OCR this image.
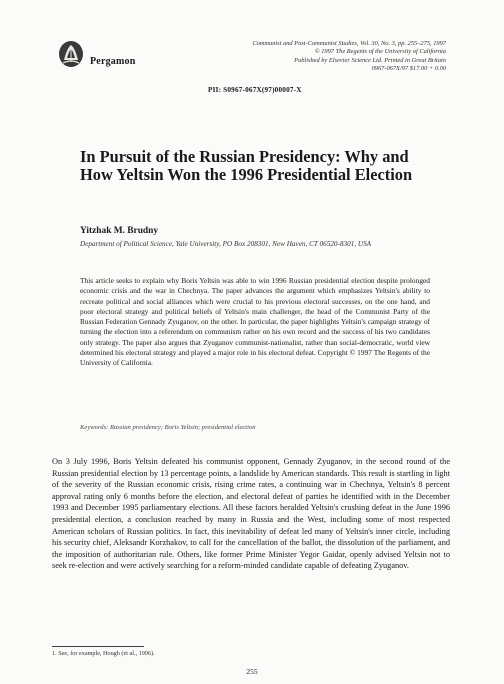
Pergamon
Communist and Post-Communist Studies, Vol. 30, No. 3, pp. 255–275, 1997
© 1997 The Regents of the University of California
Published by Elsevier Science Ltd. Printed in Great Britain
0967-067X/97 $17.00 + 0.00
PII: S0967-067X(97)00007-X
In Pursuit of the Russian Presidency: Why and How Yeltsin Won the 1996 Presidential Election
Yitzhak M. Brudny
Department of Political Science, Yale University, PO Box 208301, New Haven, CT 06520-8301, USA

This article seeks to explain why Boris Yeltsin was able to win 1996 Russian presidential election despite prolonged economic crisis and the war in Chechnya. The paper advances the argument which emphasizes Yeltsin's ability to recreate political and social alliances which were crucial to his previous electoral successes, on the one hand, and poor electoral strategy and political beliefs of Yeltsin's main challenger, the head of the Communist Party of the Russian Federation Gennady Zyuganov, on the other. In particular, the paper highlights Yeltsin's campaign strategy of turning the election into a referendum on communism rather on his own record and the success of his two candidates only strategy. The paper also argues that Zyuganov communist-nationalist, rather than social-democratic, world view determined his electoral strategy and played a major role in his electoral defeat. Copyright © 1997 The Regents of the University of California.

Keywords: Russian presidency; Boris Yeltsin; presidential election

On 3 July 1996, Boris Yeltsin defeated his communist opponent, Gennady Zyuganov, in the second round of the Russian presidential election by 13 percentage points, a landslide by American standards. This result is startling in light of the severity of the Russian economic crisis, rising crime rates, a continuing war in Chechnya, Yeltsin's 8 percent approval rating only 6 months before the election, and electoral defeat of parties he identified with in the December 1993 and December 1995 parliamentary elections. All these factors heralded Yeltsin's crushing defeat in the June 1996 presidential election, a conclusion reached by many in Russia and the West, including some of most respected American scholars of Russian politics. In fact, this inevitability of defeat led many of Yeltsin's inner circle, including his security chief, Aleksandr Korzhakov, to call for the cancellation of the ballot, the dissolution of the parliament, and the imposition of authoritarian rule. Others, like former Prime Minister Yegor Gaidar, openly advised Yeltsin not to seek re-election and were actively searching for a reform-minded candidate capable of defeating Zyuganov.

1. See, for example, Hough (et al., 1996).
255
